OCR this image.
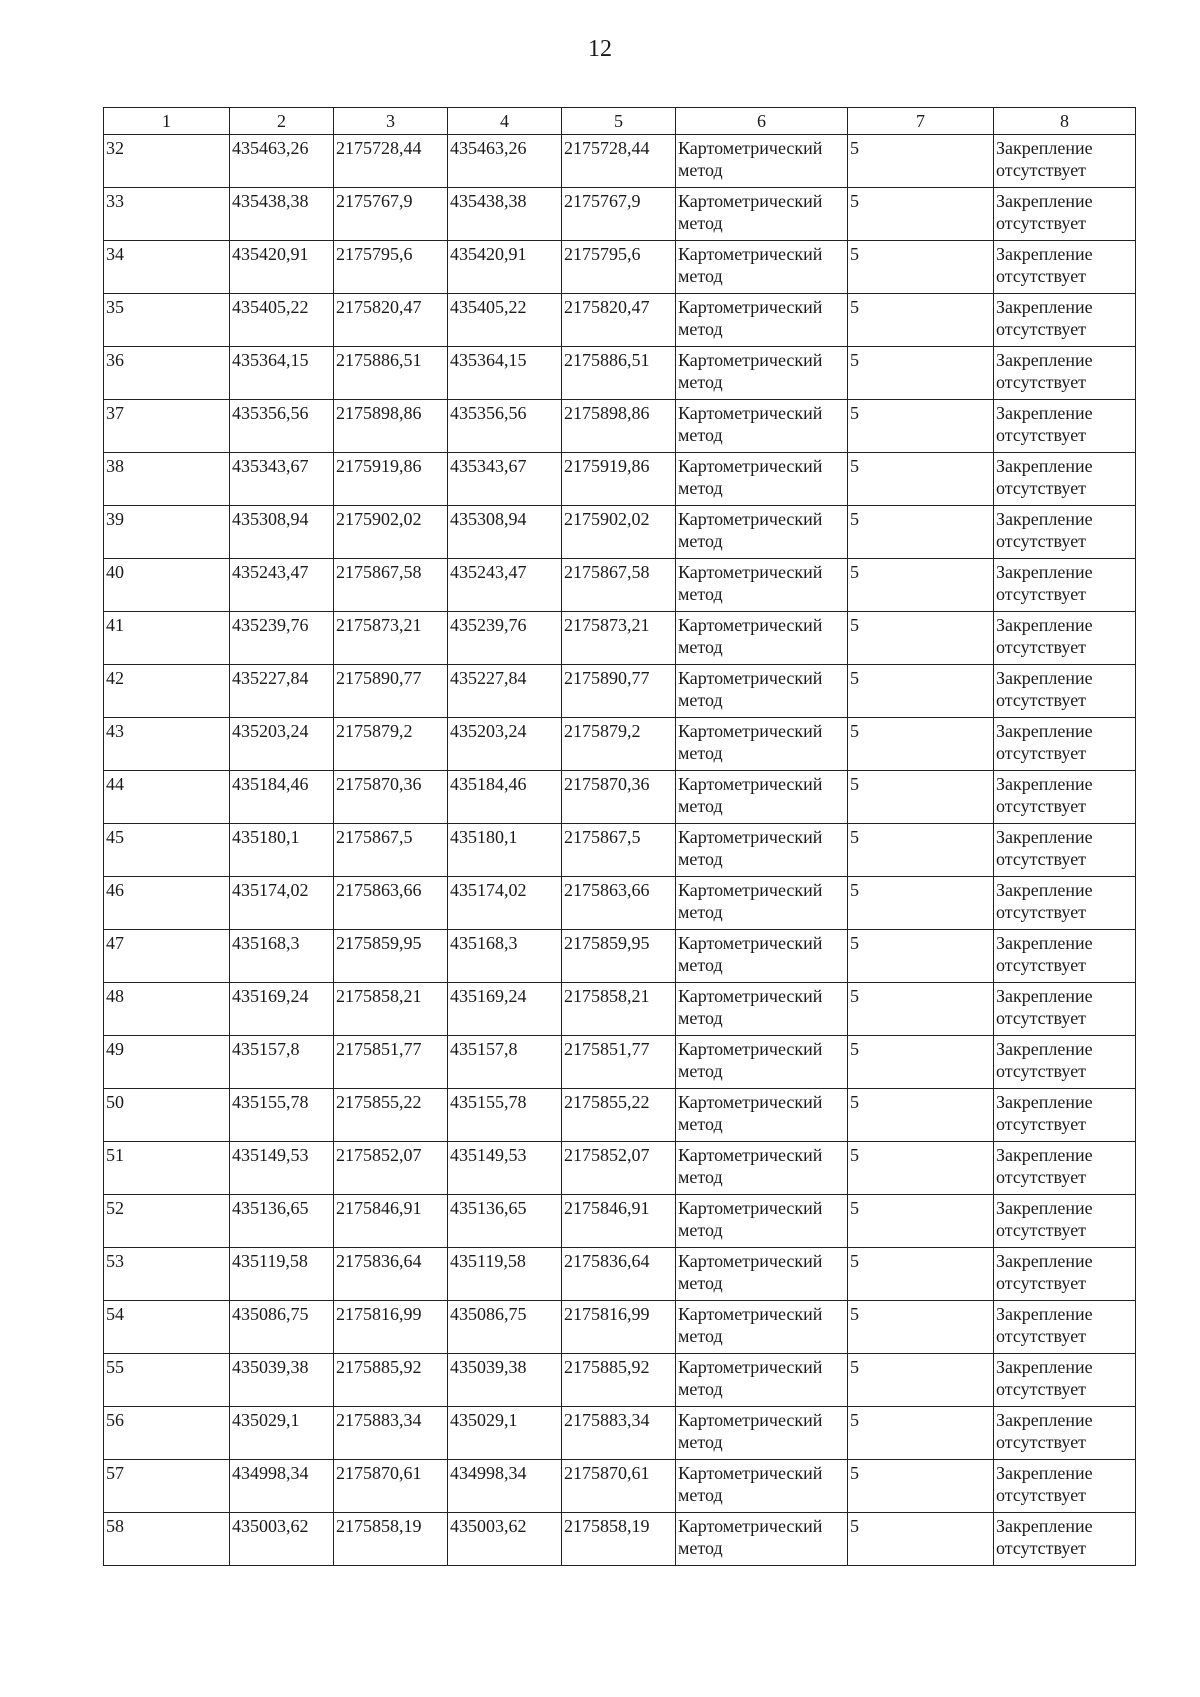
12
1	2	3	4	5	6	7	8
32	435463,26	2175728,44	435463,26	2175728,44	Картометрический метод	5	Закрепление отсутствует
33	435438,38	2175767,9	435438,38	2175767,9	Картометрический метод	5	Закрепление отсутствует
34	435420,91	2175795,6	435420,91	2175795,6	Картометрический метод	5	Закрепление отсутствует
35	435405,22	2175820,47	435405,22	2175820,47	Картометрический метод	5	Закрепление отсутствует
36	435364,15	2175886,51	435364,15	2175886,51	Картометрический метод	5	Закрепление отсутствует
37	435356,56	2175898,86	435356,56	2175898,86	Картометрический метод	5	Закрепление отсутствует
38	435343,67	2175919,86	435343,67	2175919,86	Картометрический метод	5	Закрепление отсутствует
39	435308,94	2175902,02	435308,94	2175902,02	Картометрический метод	5	Закрепление отсутствует
40	435243,47	2175867,58	435243,47	2175867,58	Картометрический метод	5	Закрепление отсутствует
41	435239,76	2175873,21	435239,76	2175873,21	Картометрический метод	5	Закрепление отсутствует
42	435227,84	2175890,77	435227,84	2175890,77	Картометрический метод	5	Закрепление отсутствует
43	435203,24	2175879,2	435203,24	2175879,2	Картометрический метод	5	Закрепление отсутствует
44	435184,46	2175870,36	435184,46	2175870,36	Картометрический метод	5	Закрепление отсутствует
45	435180,1	2175867,5	435180,1	2175867,5	Картометрический метод	5	Закрепление отсутствует
46	435174,02	2175863,66	435174,02	2175863,66	Картометрический метод	5	Закрепление отсутствует
47	435168,3	2175859,95	435168,3	2175859,95	Картометрический метод	5	Закрепление отсутствует
48	435169,24	2175858,21	435169,24	2175858,21	Картометрический метод	5	Закрепление отсутствует
49	435157,8	2175851,77	435157,8	2175851,77	Картометрический метод	5	Закрепление отсутствует
50	435155,78	2175855,22	435155,78	2175855,22	Картометрический метод	5	Закрепление отсутствует
51	435149,53	2175852,07	435149,53	2175852,07	Картометрический метод	5	Закрепление отсутствует
52	435136,65	2175846,91	435136,65	2175846,91	Картометрический метод	5	Закрепление отсутствует
53	435119,58	2175836,64	435119,58	2175836,64	Картометрический метод	5	Закрепление отсутствует
54	435086,75	2175816,99	435086,75	2175816,99	Картометрический метод	5	Закрепление отсутствует
55	435039,38	2175885,92	435039,38	2175885,92	Картометрический метод	5	Закрепление отсутствует
56	435029,1	2175883,34	435029,1	2175883,34	Картометрический метод	5	Закрепление отсутствует
57	434998,34	2175870,61	434998,34	2175870,61	Картометрический метод	5	Закрепление отсутствует
58	435003,62	2175858,19	435003,62	2175858,19	Картометрический метод	5	Закрепление отсутствует
